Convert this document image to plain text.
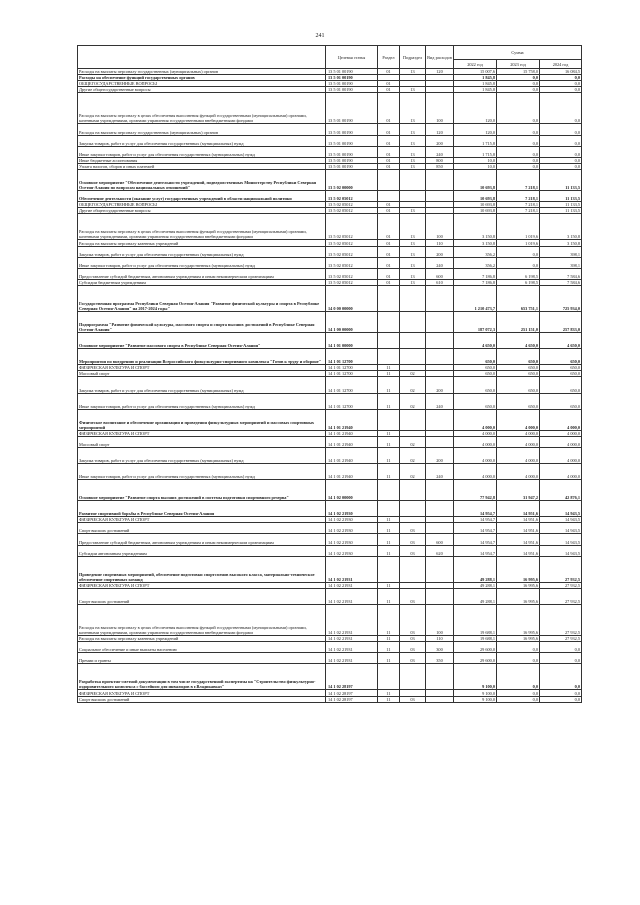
241
	Целевая статья	Раздел	Подраздел	Вид расходов	Сумма		
					2022 год	2023 год	2024 год
Расходы на выплаты персоналу государственных (муниципальных) органов	13 5 01 00190	01	13	120	15 007,6	15 758,0	16 084,5
Расходы на обеспечение функций государственных органов	13 5 01 00190				1 845,8	0,0	0,0
ОБЩЕГОСУДАРСТВЕННЫЕ ВОПРОСЫ	13 5 01 00190	01			1 845,8	0,0	0,0
Другие общегосударственные вопросы	13 5 01 00190	01	13		1 845,8	0,0	0,0
Расходы на выплаты персоналу в целях обеспечения выполнения функций государственными (муниципальными) органами, казенными учреждениями, органами управления государственными внебюджетными фондами	13 5 01 00190	01	13	100	120,0	0,0	0,0
Расходы на выплаты персоналу государственных (муниципальных) органов	13 5 01 00190	01	13	120	120,0	0,0	0,0
Закупка товаров, работ и услуг для обеспечения государственных (муниципальных) нужд	13 5 01 00190	01	13	200	1 715,8	0,0	0,0
Иные закупки товаров, работ и услуг для обеспечения государственных (муниципальных) нужд	13 5 01 00190	01	13	240	1 715,8	0,0	0,0
Иные бюджетные ассигнования	13 5 01 00190	01	13	800	10,0	0,0	0,0
Уплата налогов, сборов и иных платежей	13 5 01 00190	01	13	850	10,0	0,0	0,0
Основное мероприятие "Обеспечение деятельности учреждений, подведомственных Министерству Республики Северная Осетия-Алания по вопросам национальных отношений"	13 5 02 00000				10 693,8	7 218,1	11 133,5
Обеспечение деятельности (оказание услуг) государственных учреждений в области национальной политики	13 5 02 05012				10 693,8	7 218,1	11 133,5
ОБЩЕГОСУДАРСТВЕННЫЕ ВОПРОСЫ	13 5 02 05012	01			10 693,8	7 218,1	11 133,5
Другие общегосударственные вопросы	13 5 02 05012	01	13		10 693,8	7 218,1	11 133,5
Расходы на выплаты персоналу в целях обеспечения выполнения функций государственными (муниципальными) органами, казенными учреждениями, органами управления государственными внебюджетными фондами	13 5 02 05012	01	13	100	3 150,8	1 019,6	3 150,8
Расходы на выплаты персоналу казенных учреждений	13 5 02 05012	01	13	110	3 150,8	1 019,6	3 150,8
Закупка товаров, работ и услуг для обеспечения государственных (муниципальных) нужд	13 5 02 05012	01	13	200	356,2	0,0	398,1
Иные закупки товаров, работ и услуг для обеспечения государственных (муниципальных) нужд	13 5 02 05012	01	13	240	356,2	0,0	398,1
Предоставление субсидий бюджетным, автономным учреждениям и иным некоммерческим организациям	13 5 02 05012	01	13	600	7 186,8	6 198,5	7 584,6
Субсидии бюджетным учреждениям	13 5 02 05012	01	13	610	7 186,8	6 198,5	7 584,6
Государственная программа Республики Северная Осетия-Алания "Развитие физической культуры и спорта в Республике Северная Осетия-Алания" на 2017-2024 годы"	14 0 00 00000				1 210 473,7	653 751,1	725 934,0
Подпрограмма "Развитие физической культуры, массового спорта и спорта высших достижений в Республике Северная Осетия-Алания"	14 1 00 00000				187 072,3	251 151,0	257 833,0
Основное мероприятие "Развитие массового спорта в Республике Северная Осетия-Алания"	14 1 01 00000				4 650,0	4 650,0	4 650,0
Мероприятия по внедрению и реализации Всероссийского физкультурно-спортивного комплекса "Готов к труду и обороне"	14 1 01 12700				650,0	650,0	650,0
ФИЗИЧЕСКАЯ КУЛЬТУРА И СПОРТ	14 1 01 12700	11			650,0	650,0	650,0
Массовый спорт	14 1 01 12700	11	02		650,0	650,0	650,0
Закупка товаров, работ и услуг для обеспечения государственных (муниципальных) нужд	14 1 01 12700	11	02	200	650,0	650,0	650,0
Иные закупки товаров, работ и услуг для обеспечения государственных (муниципальных) нужд	14 1 01 12700	11	02	240	650,0	650,0	650,0
Физическое воспитание и обеспечение организации и проведения физкультурных мероприятий и массовых спортивных мероприятий	14 1 01 21940				4 000,0	4 000,0	4 000,0
ФИЗИЧЕСКАЯ КУЛЬТУРА И СПОРТ	14 1 01 21940	11			4 000,0	4 000,0	4 000,0
Массовый спорт	14 1 01 21940	11	02		4 000,0	4 000,0	4 000,0
Закупка товаров, работ и услуг для обеспечения государственных (муниципальных) нужд	14 1 01 21940	11	02	200	4 000,0	4 000,0	4 000,0
Иные закупки товаров, работ и услуг для обеспечения государственных (муниципальных) нужд	14 1 01 21940	11	02	240	4 000,0	4 000,0	4 000,0
Основное мероприятие "Развитие спорта высших достижений в системы подготовки спортивного резерва"	14 1 02 00000				77 942,8	31 947,2	42 876,1
Развитие спортивной борьбы в Республике Северная Осетия-Алания	14 1 02 21930				14 954,7	14 951,6	14 943,5
ФИЗИЧЕСКАЯ КУЛЬТУРА И СПОРТ	14 1 02 21930	11			14 954,7	14 951,6	14 943,5
Спорт высших достижений	14 1 02 21930	11	03		14 954,7	14 951,6	14 943,5
Предоставление субсидий бюджетным, автономным учреждениям и иным некоммерческим организациям	14 1 02 21930	11	03	600	14 954,7	14 951,6	14 943,5
Субсидии автономным учреждениям	14 1 02 21930	11	03	620	14 954,7	14 951,6	14 943,5
Проведение спортивных мероприятий, обеспечение подготовки спортсменов высокого класса, материально-техническое обеспечение спортивных команд	14 1 02 21931				49 288,1	16 995,6	27 932,5
ФИЗИЧЕСКАЯ КУЛЬТУРА И СПОРТ	14 1 02 21931	11			49 288,1	16 995,6	27 932,5
Спорт высших достижений	14 1 02 21931	11	03		49 288,1	16 995,6	27 932,5
Расходы на выплаты персоналу в целях обеспечения выполнения функций государственными (муниципальными) органами, казенными учреждениями, органами управления государственными внебюджетными фондами	14 1 02 21931	11	03	100	19 688,1	16 995,6	27 932,5
Расходы на выплаты персоналу казенных учреждений	14 1 02 21931	11	03	110	19 688,1	16 995,6	27 932,5
Социальное обеспечение и иные выплаты населению	14 1 02 21931	11	03	300	29 600,0	0,0	0,0
Премии и гранты	14 1 02 21931	11	03	350	29 600,0	0,0	0,0
Разработка проектно-сметной документации в том числе государственной экспертизы на "Строительство физкультурно-оздоровительного комплекса с бассейном для инвалидов в г.Владикавказ"	14 1 02 28197				9 100,0	0,0	0,0
ФИЗИЧЕСКАЯ КУЛЬТУРА И СПОРТ	14 1 02 28197	11			9 100,0	0,0	0,0
Спорт высших достижений	14 1 02 28197	11	03		9 100,0	0,0	0,0
